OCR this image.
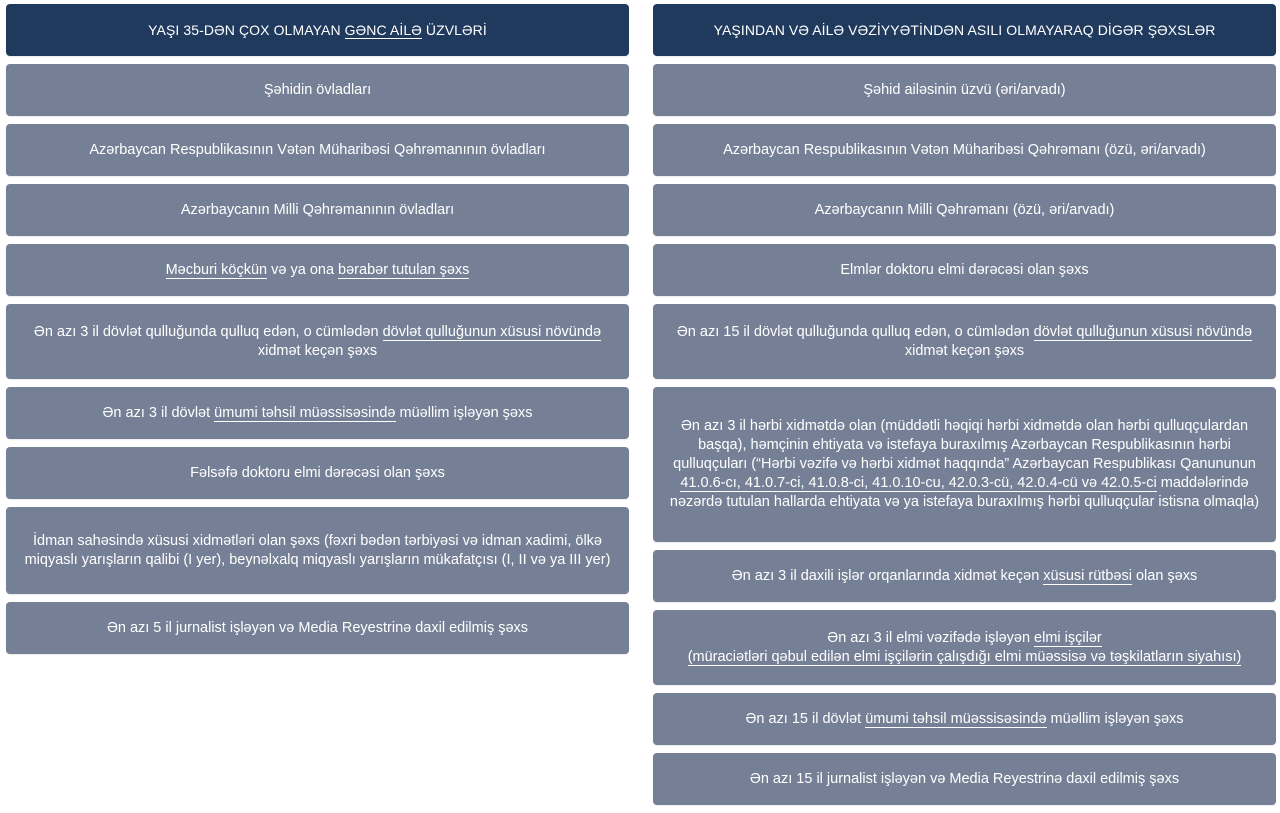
YAŞI 35-DƏN ÇOX OLMAYAN GƏNC AİLƏ ÜZVLƏRİ
Şəhidin övladları
Azərbaycan Respublikasının Vətən Müharibəsi Qəhrəmanının övladları
Azərbaycanın Milli Qəhrəmanının övladları
Məcburi köçkün və ya ona bərabər tutulan şəxs
Ən azı 3 il dövlət qulluğunda qulluq edən, o cümlədən dövlət qulluğunun xüsusi növündə xidmət keçən şəxs
Ən azı 3 il dövlət ümumi təhsil müəssisəsində müəllim işləyən şəxs
Fəlsəfə doktoru elmi dərəcəsi olan şəxs
İdman sahəsində xüsusi xidmətləri olan şəxs (fəxri bədən tərbiyəsi və idman xadimi, ölkə miqyaslı yarışların qalibi (I yer), beynəlxalq miqyaslı yarışların mükafatçısı (I, II və ya III yer)
Ən azı 5 il jurnalist işləyən və Media Reyestrinə daxil edilmiş şəxs
YAŞINDAN VƏ AİLƏ VƏZİYYƏTİNDƏN ASILI OLMAYARAQ DİGƏR ŞƏXSLƏR
Şəhid ailəsinin üzvü (əri/arvadı)
Azərbaycan Respublikasının Vətən Müharibəsi Qəhrəmanı (özü, əri/arvadı)
Azərbaycanın Milli Qəhrəmanı (özü, əri/arvadı)
Elmlər doktoru elmi dərəcəsi olan şəxs
Ən azı 15 il dövlət qulluğunda qulluq edən, o cümlədən dövlət qulluğunun xüsusi növündə xidmət keçən şəxs
Ən azı 3 il hərbi xidmətdə olan (müddətli həqiqi hərbi xidmətdə olan hərbi qulluqçulardan başqa), həmçinin ehtiyata və istefaya buraxılmış Azərbaycan Respublikasının hərbi qulluqçuları (“Hərbi vəzifə və hərbi xidmət haqqında” Azərbaycan Respublikası Qanununun 41.0.6-cı, 41.0.7-ci, 41.0.8-ci, 41.0.10-cu, 42.0.3-cü, 42.0.4-cü və 42.0.5-ci maddələrində nəzərdə tutulan hallarda ehtiyata və ya istefaya buraxılmış hərbi qulluqçular istisna olmaqla)
Ən azı 3 il daxili işlər orqanlarında xidmət keçən xüsusi rütbəsi olan şəxs
Ən azı 3 il elmi vəzifədə işləyən elmi işçilər
(müraciətləri qəbul edilən elmi işçilərin çalışdığı elmi müəssisə və təşkilatların siyahısı)
Ən azı 15 il dövlət ümumi təhsil müəssisəsində müəllim işləyən şəxs
Ən azı 15 il jurnalist işləyən və Media Reyestrinə daxil edilmiş şəxs
